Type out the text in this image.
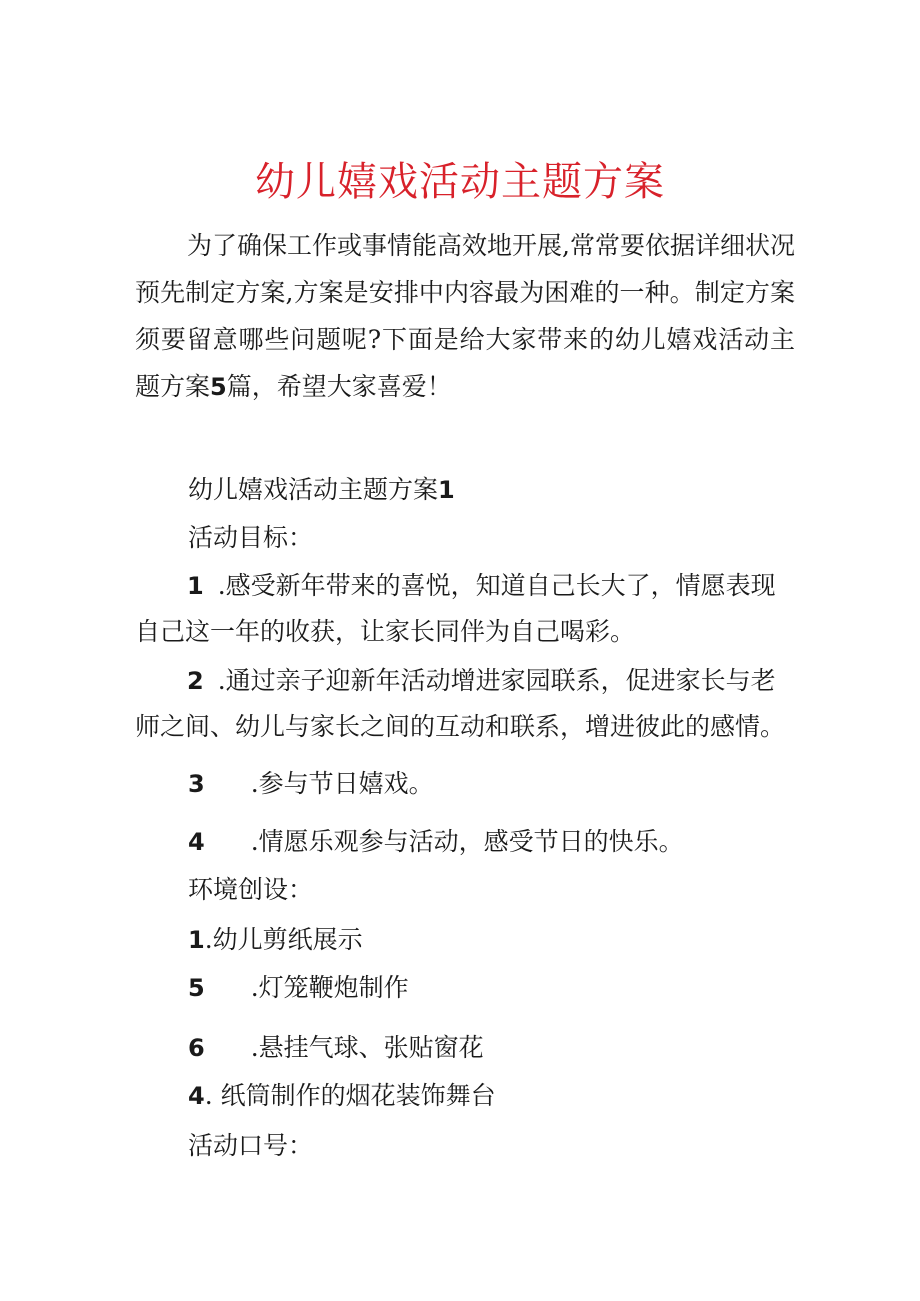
幼儿嬉戏活动主题方案

为了确保工作或事情能高效地开展,常常要依据详细状况预先制定方案,方案是安排中内容最为困难的一种。制定方案须要留意哪些问题呢?下面是给大家带来的幼儿嬉戏活动主题方案5篇，希望大家喜爱！

幼儿嬉戏活动主题方案1

活动目标：

1 .感受新年带来的喜悦，知道自己长大了，情愿表现自己这一年的收获，让家长同伴为自己喝彩。

2 .通过亲子迎新年活动增进家园联系，促进家长与老师之间、幼儿与家长之间的互动和联系，增进彼此的感情。

3 .参与节日嬉戏。

4 .情愿乐观参与活动，感受节日的快乐。

环境创设：

1.幼儿剪纸展示

5 .灯笼鞭炮制作

6 .悬挂气球、张贴窗花

4. 纸筒制作的烟花装饰舞台

活动口号：
